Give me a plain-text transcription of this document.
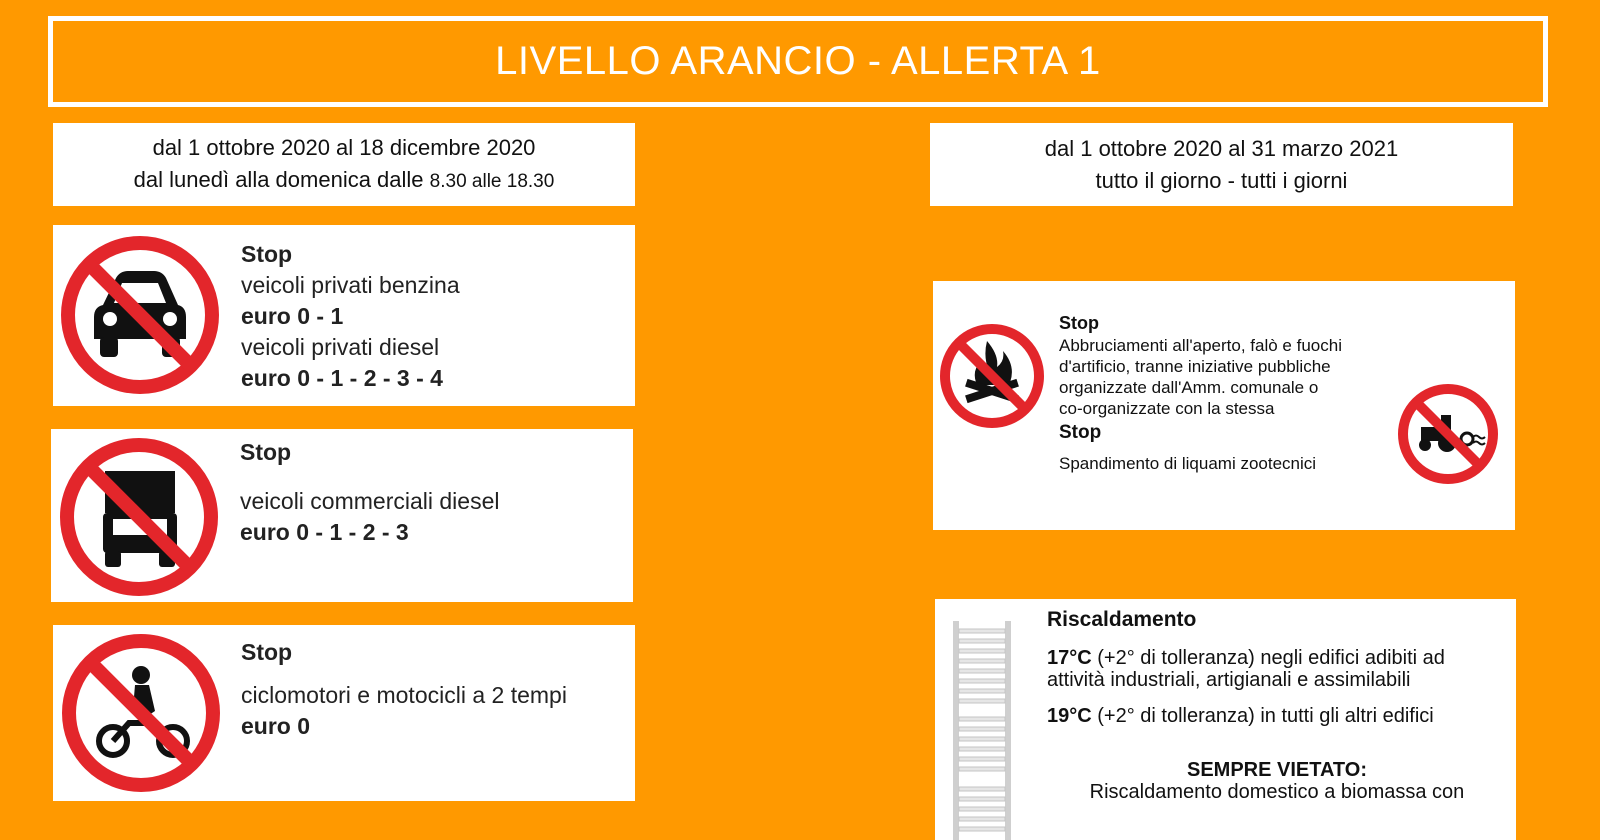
LIVELLO ARANCIO - ALLERTA 1
dal 1 ottobre 2020 al 18 dicembre 2020
dal lunedì alla domenica dalle 8.30 alle 18.30
dal 1 ottobre 2020 al 31 marzo 2021
tutto il giorno - tutti i giorni
Stop
veicoli privati benzina
euro 0 - 1
veicoli privati diesel
euro 0 - 1 - 2 - 3 - 4
Stop
veicoli commerciali diesel
euro 0 - 1 - 2 - 3
Stop
ciclomotori e motocicli a 2 tempi
euro 0
Stop
Abbruciamenti all'aperto, falò e fuochi
d'artificio, tranne iniziative pubbliche
organizzate dall'Amm. comunale o
co-organizzate con la stessa
Stop
Spandimento di liquami zootecnici
Riscaldamento
17°C (+2° di tolleranza) negli edifici adibiti ad
attività industriali, artigianali e assimilabili
19°C (+2° di tolleranza) in tutti gli altri edifici
SEMPRE VIETATO:
Riscaldamento domestico a biomassa con
